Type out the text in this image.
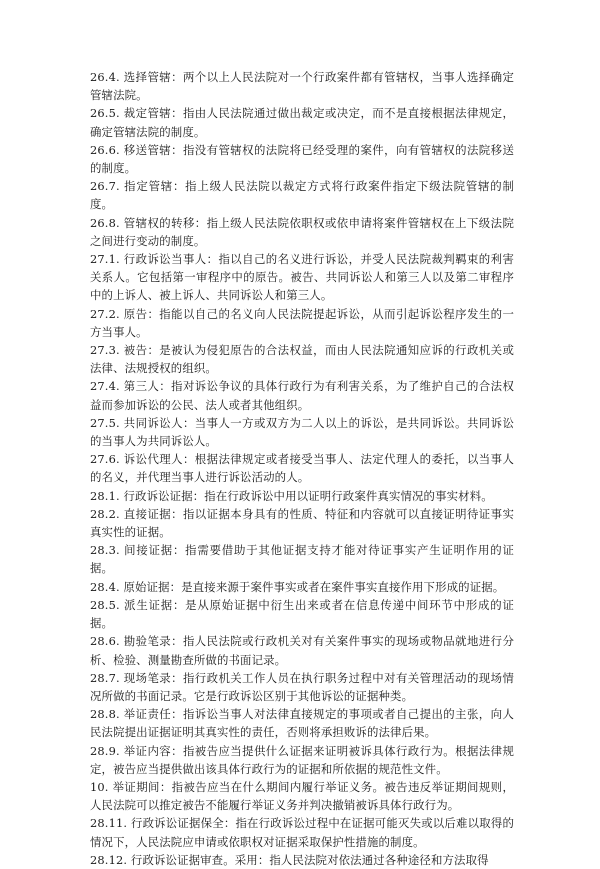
26.4. 选择管辖：两个以上人民法院对一个行政案件都有管辖权，当事人选择确定管辖法院。

26.5. 裁定管辖：指由人民法院通过做出裁定或决定，而不是直接根据法律规定，确定管辖法院的制度。

26.6. 移送管辖：指没有管辖权的法院将已经受理的案件，向有管辖权的法院移送的制度。

26.7. 指定管辖：指上级人民法院以裁定方式将行政案件指定下级法院管辖的制度。

26.8. 管辖权的转移：指上级人民法院依职权或依申请将案件管辖权在上下级法院之间进行变动的制度。

27.1. 行政诉讼当事人：指以自己的名义进行诉讼，并受人民法院裁判羁束的利害关系人。它包括第一审程序中的原告。被告、共同诉讼人和第三人以及第二审程序中的上诉人、被上诉人、共同诉讼人和第三人。

27.2. 原告：指能以自己的名义向人民法院提起诉讼，从而引起诉讼程序发生的一方当事人。

27.3. 被告：是被认为侵犯原告的合法权益，而由人民法院通知应诉的行政机关或法律、法规授权的组织。

27.4. 第三人：指对诉讼争议的具体行政行为有利害关系，为了维护自己的合法权益而参加诉讼的公民、法人或者其他组织。

27.5. 共同诉讼人：当事人一方或双方为二人以上的诉讼，是共同诉讼。共同诉讼的当事人为共同诉讼人。

27.6. 诉讼代理人：根据法律规定或者接受当事人、法定代理人的委托，以当事人的名义，并代理当事人进行诉讼活动的人。

28.1. 行政诉讼证据：指在行政诉讼中用以证明行政案件真实情况的事实材料。

28.2. 直接证据：指以证据本身具有的性质、特征和内容就可以直接证明待证事实真实性的证据。

28.3. 间接证据：指需要借助于其他证据支持才能对待证事实产生证明作用的证据。

28.4. 原始证据：是直接来源于案件事实或者在案件事实直接作用下形成的证据。

28.5. 派生证据：是从原始证据中衍生出来或者在信息传递中间环节中形成的证据。

28.6. 勘验笔录：指人民法院或行政机关对有关案件事实的现场或物品就地进行分析、检验、测量勘查所做的书面记录。

28.7. 现场笔录：指行政机关工作人员在执行职务过程中对有关管理活动的现场情况所做的书面记录。它是行政诉讼区别于其他诉讼的证据种类。

28.8. 举证责任：指诉讼当事人对法律直接规定的事项或者自己提出的主张，向人民法院提出证据证明其真实性的责任，否则将承担败诉的法律后果。

28.9. 举证内容：指被告应当提供什么证据来证明被诉具体行政行为。根据法律规定，被告应当提供做出该具体行政行为的证据和所依据的规范性文件。

10. 举证期间：指被告应当在什么期间内履行举证义务。被告违反举证期间规则，人民法院可以推定被告不能履行举证义务并判决撤销被诉具体行政行为。

28.11. 行政诉讼证据保全：指在行政诉讼过程中在证据可能灭失或以后难以取得的情况下，人民法院应申请或依职权对证据采取保护性措施的制度。

28.12. 行政诉讼证据审查。采用：指人民法院对依法通过各种途径和方法取得
